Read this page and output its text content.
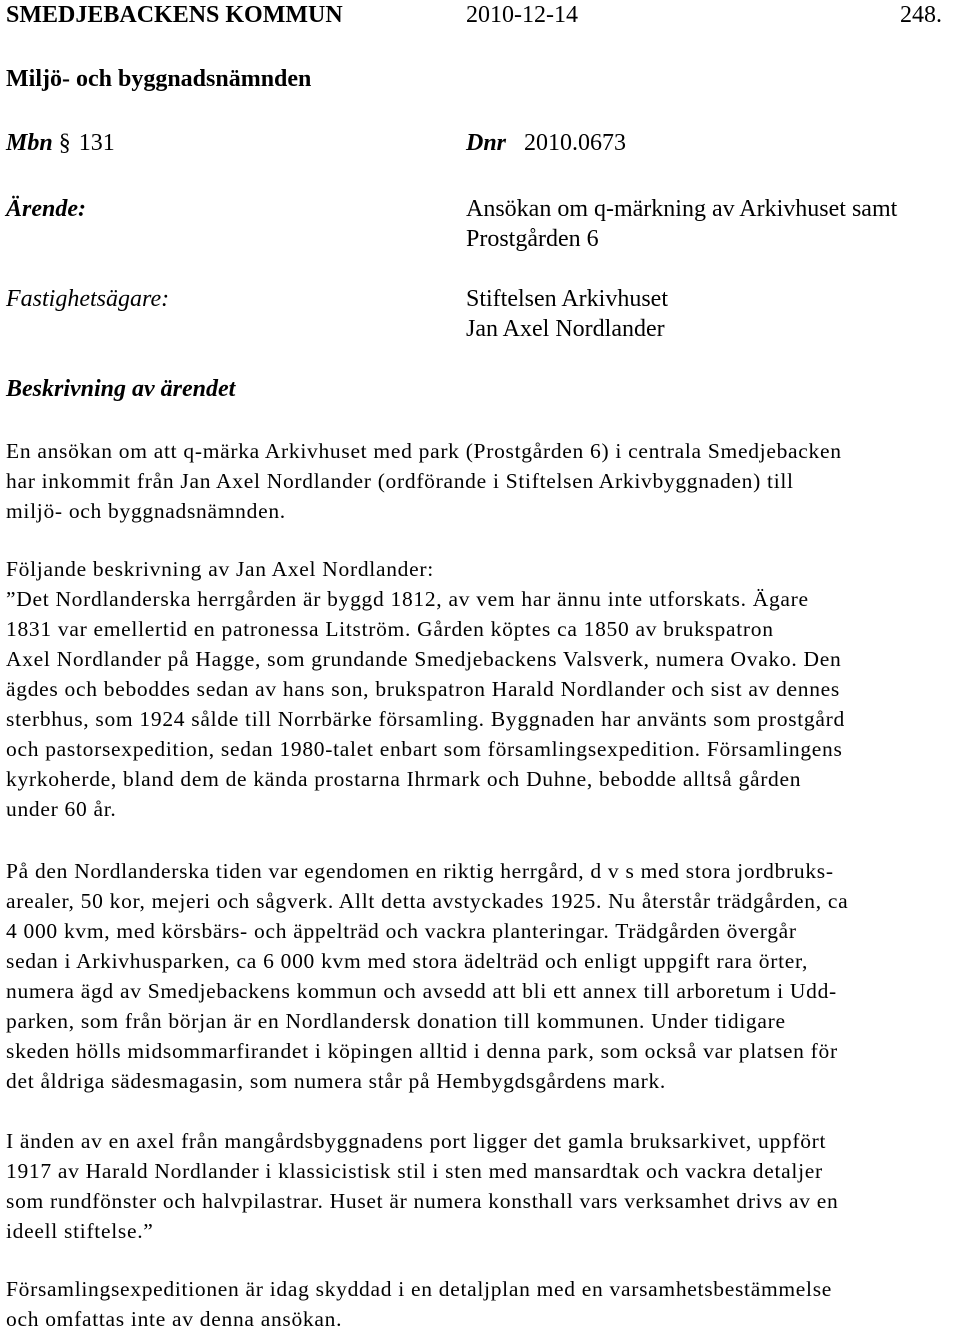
SMEDJEBACKENS KOMMUN	2010-12-14	248.
Miljö- och byggnadsnämnden
Mbn § 131	Dnr 2010.0673
Ärende:	Ansökan om q-märkning av Arkivhuset samt
Prostgården 6
Fastighetsägare:	Stiftelsen Arkivhuset
Jan Axel Nordlander
Beskrivning av ärendet
En ansökan om att q-märka Arkivhuset med park (Prostgården 6) i centrala Smedjebacken
har inkommit från Jan Axel Nordlander (ordförande i Stiftelsen Arkivbyggnaden) till
miljö- och byggnadsnämnden.
Följande beskrivning av Jan Axel Nordlander:
”Det Nordlanderska herrgården är byggd 1812, av vem har ännu inte utforskats. Ägare
1831 var emellertid en patronessa Litström. Gården köptes ca 1850 av brukspatron
Axel Nordlander på Hagge, som grundande Smedjebackens Valsverk, numera Ovako. Den
ägdes och beboddes sedan av hans son, brukspatron Harald Nordlander och sist av dennes
sterbhus, som 1924 sålde till Norrbärke församling. Byggnaden har använts som prostgård
och pastorsexpedition, sedan 1980-talet enbart som församlingsexpedition. Församlingens
kyrkoherde, bland dem de kända prostarna Ihrmark och Duhne, bebodde alltså gården
under 60 år.
På den Nordlanderska tiden var egendomen en riktig herrgård, d v s med stora jordbruks-
arealer, 50 kor, mejeri och sågverk. Allt detta avstyckades 1925. Nu återstår trädgården, ca
4 000 kvm, med körsbärs- och äppelträd och vackra planteringar. Trädgården övergår
sedan i Arkivhusparken, ca 6 000 kvm med stora ädelträd och enligt uppgift rara örter,
numera ägd av Smedjebackens kommun och avsedd att bli ett annex till arboretum i Udd-
parken, som från början är en Nordlandersk donation till kommunen. Under tidigare
skeden hölls midsommarfirandet i köpingen alltid i denna park, som också var platsen för
det åldriga sädesmagasin, som numera står på Hembygdsgårdens mark.
I änden av en axel från mangårdsbyggnadens port ligger det gamla bruksarkivet, uppfört
1917 av Harald Nordlander i klassicistisk stil i sten med mansardtak och vackra detaljer
som rundfönster och halvpilastrar. Huset är numera konsthall vars verksamhet drivs av en
ideell stiftelse.”
Församlingsexpeditionen är idag skyddad i en detaljplan med en varsamhetsbestämmelse
och omfattas inte av denna ansökan.
